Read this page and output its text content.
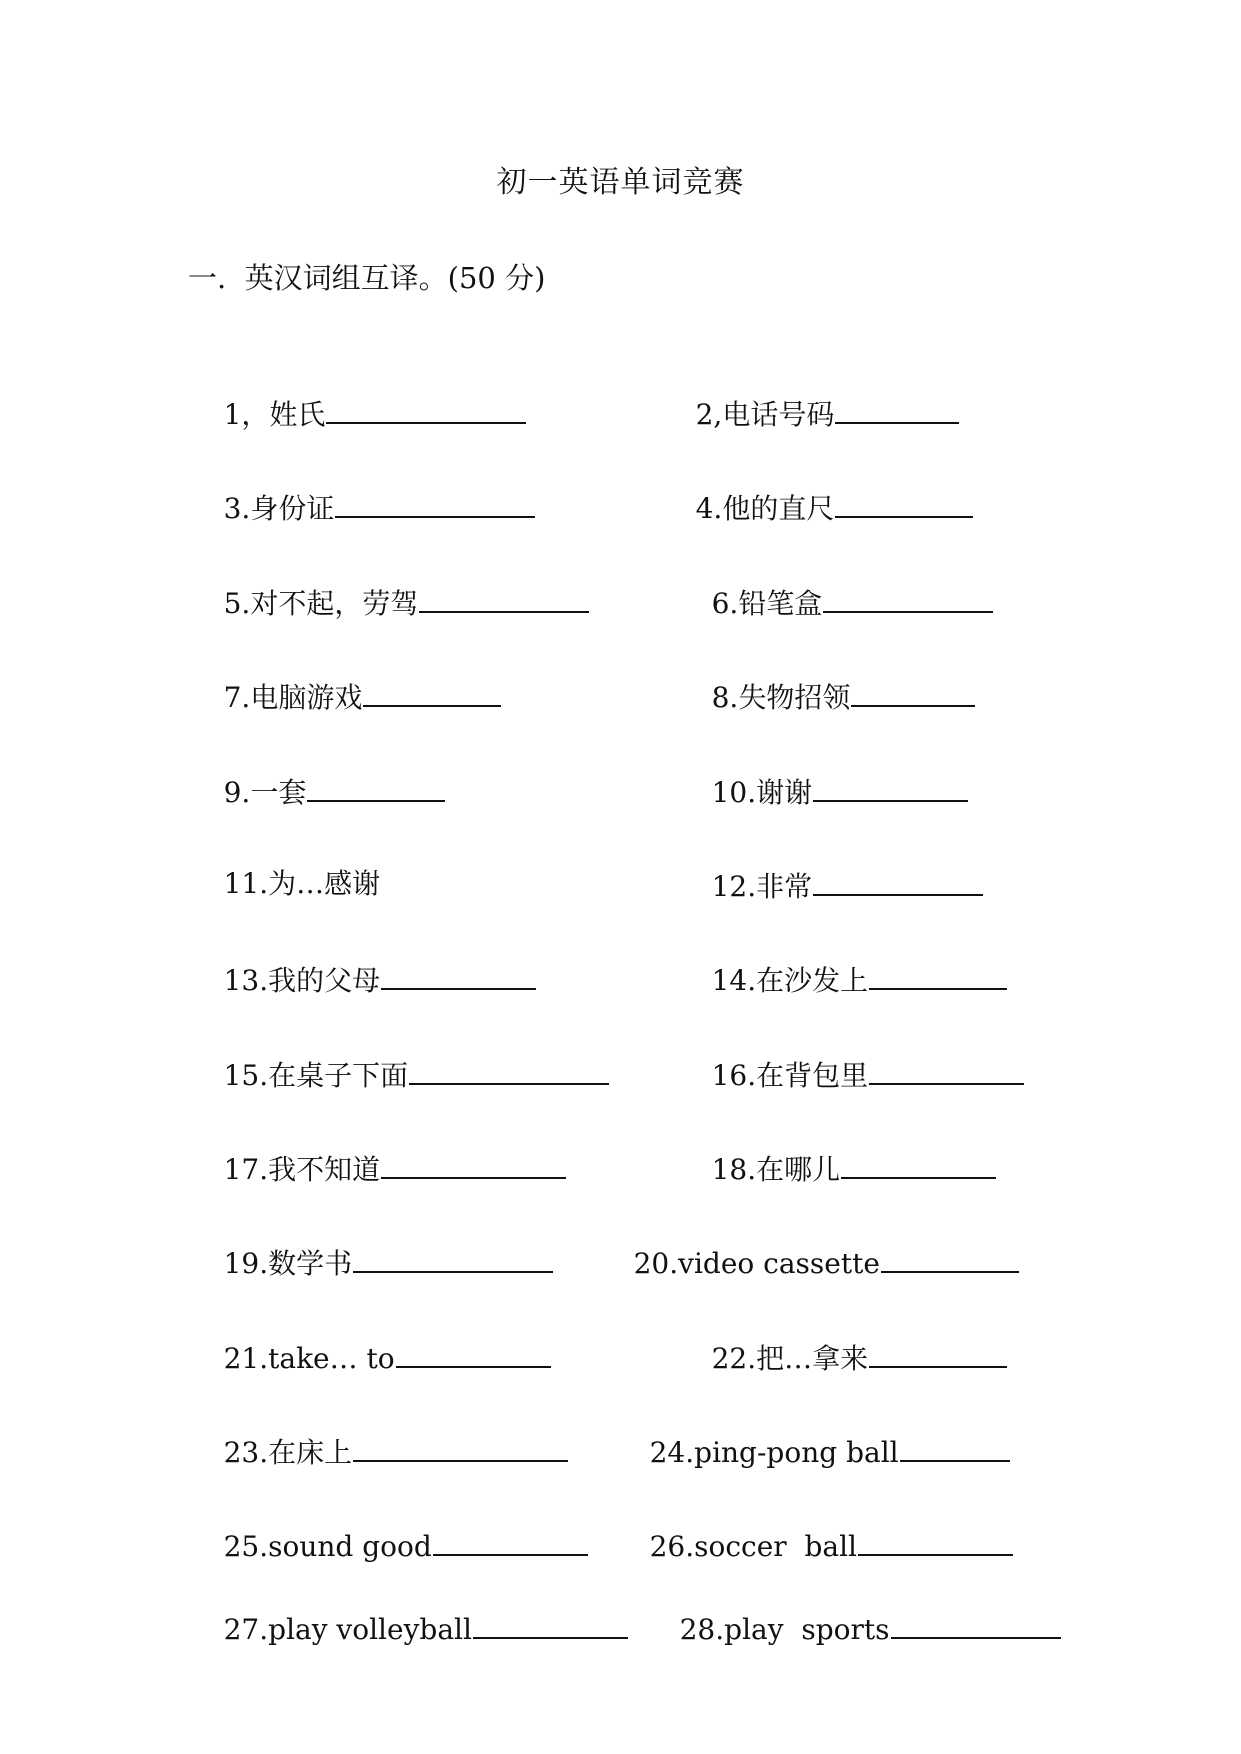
初一英语单词竞赛
一.  英汉词组互译。(50 分)

1，姓氏
	2,电话号码

3.身份证
	4.他的直尺

5.对不起，劳驾
	6.铅笔盒

7.电脑游戏
	8.失物招领

9.一套
	10.谢谢

11.为…感谢
	12.非常

13.我的父母
	14.在沙发上

15.在桌子下面
	16.在背包里

17.我不知道
	18.在哪儿

19.数学书
	20.video cassette

21.take… to
	22.把…拿来

23.在床上
	24.ping-pong ball

25.sound good
	26.soccer  ball

27.play volleyball
	28.play  sports
